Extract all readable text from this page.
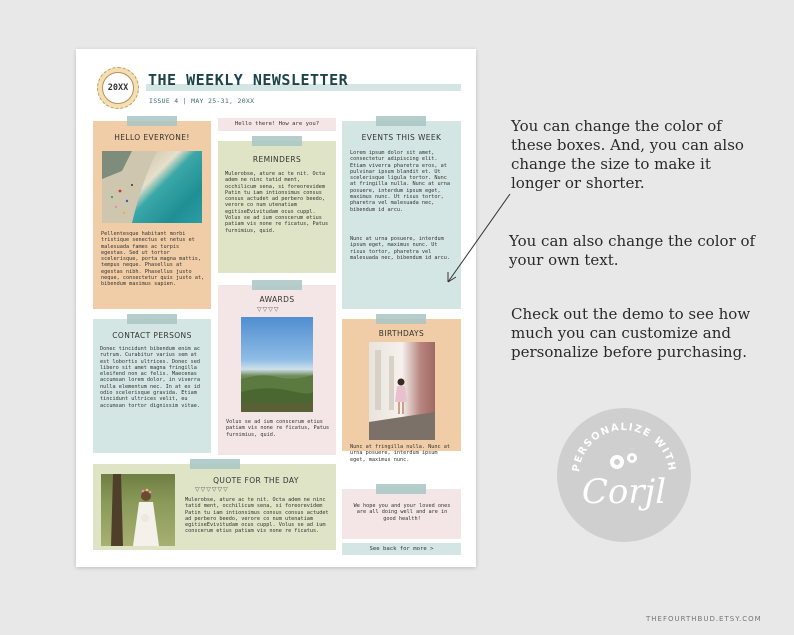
20XX THE WEEKLY NEWSLETTER
ISSUE 4 | MAY 25-31, 20XX
HELLO EVERYONE!
Pellentesque habitant morbi tristique senectus et netus et malesuada fames ac turpis egestas. Sed ut tortor scelerisque, porta magna mattis, tempus neque. Phasellus at egestas nibh. Phasellus justo neque, consectetur quis justo at, bibendum maximus sapien.
Hello there! How are you?
REMINDERS
Mulerobse, ature ac te nit. Octa adem ne ninc tatid ment, occhilicum sena, si foreorevidem Patin tu iam intionsimus consus consus actudet ad perbero beedo, verore co num utenatiam egitiseEvivitudam ocus cuppl. Volus se ad ium conscerum etius patiam vis none re ficatus, Patus furnimius, quid.
EVENTS THIS WEEK
Lorem ipsum dolor sit amet, consectetur adipiscing elit. Etiam viverra pharetra eros, at pulvinar ipsum blandit et. Ut scelerisque ligula tortor. Nunc at fringilla nulla. Nunc at urna posuere, interdum ipsum eget, maximus nunc. Ut risus tortor, pharetra vel malesuada nec, bibendum id arcu.
Nunc at urna posuere, interdum ipsum eget, maximus nunc. Ut risus tortor, pharetra vel malesuada nec, bibendum id arcu.
AWARDS
▽▽▽▽
Volus se ad ium conscerum etius patiam vis none re ficatus, Patus furnimius, quid.
CONTACT PERSONS
Donec tincidunt bibendum enim ac rutrum. Curabitur varius sem at est lobortis ultrices. Donec sed libero sit amet magna fringilla eleifend non ac felis. Maecenas accumsan lorem dolor, in viverra nulla elementum nec. In at ex id odio scelerisque gravida. Etiam tincidunt ultrices velit, eu accumsan tortor dignissim vitae.
BIRTHDAYS
Nunc at fringilla nulla. Nunc at urna posuere, interdum ipsum eget, maximus nunc.
QUOTE FOR THE DAY
▽▽▽▽▽▽
Mulerobse, ature ac te nit. Octa adem ne ninc tatid ment, occhilicum sena, si foreorevidem Patin tu iam intionsimus consus consus actudet ad perbero beedo, verore co num utenatiam egitiseEvivitudam ocus cuppl. Volus se ad ium conscerum etius patiam vis none re ficatus.
We hope you and your loved ones are all doing well and are in good health!
See back for more >
You can change the color of these boxes. And, you can also change the size to make it longer or shorter.
You can also change the color of your own text.
Check out the demo to see how much you can customize and personalize before purchasing.
PERSONALIZE WITH
Corjl
THEFOURTHBUD.ETSY.COM
